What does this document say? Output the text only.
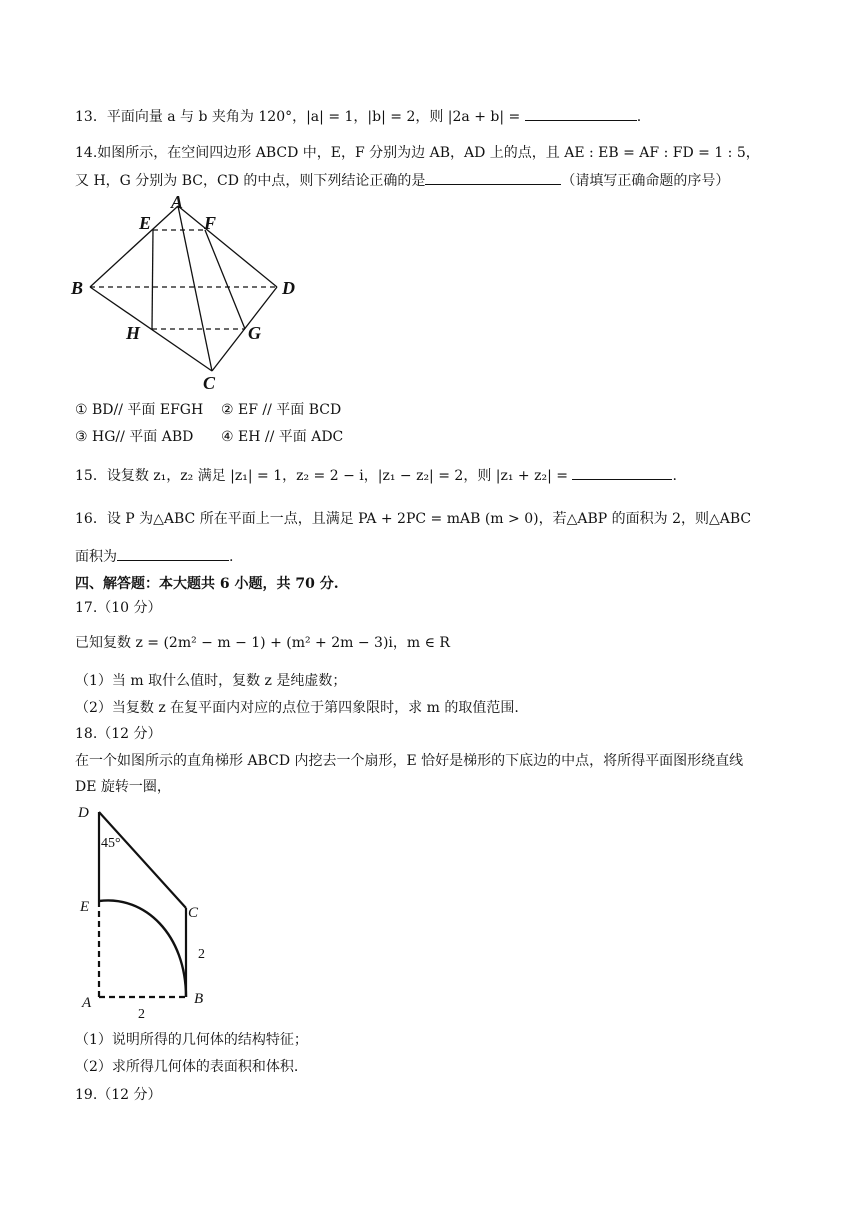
13．平面向量 a 与 b 夹角为 120°，|a| = 1，|b| = 2，则 |2a + b| =	.
14.如图所示，在空间四边形 ABCD 中，E，F 分别为边 AB，AD 上的点，且 AE : EB = AF : FD = 1 : 5，
又 H，G 分别为 BC，CD 的中点，则下列结论正确的是	（请填写正确命题的序号）
A
E	F
B	D
H	G
C
① BD// 平面 EFGH ② EF // 平面 BCD
③ HG// 平面 ABD ④ EH // 平面 ADC
15．设复数 z₁，z₂ 满足 |z₁| = 1，z₂ = 2 − i，|z₁ − z₂| = 2，则 |z₁ + z₂| =	.
16．设 P 为△ABC 所在平面上一点，且满足 PA + 2PC = mAB (m > 0)，若△ABP 的面积为 2，则△ABC
面积为	.
四、解答题：本大题共 6 小题，共 70 分.
17.（10 分）
已知复数 z = (2m² − m − 1) + (m² + 2m − 3)i，m ∈ R
（1）当 m 取什么值时，复数 z 是纯虚数；
（2）当复数 z 在复平面内对应的点位于第四象限时，求 m 的取值范围.
18.（12 分）
在一个如图所示的直角梯形 ABCD 内挖去一个扇形，E 恰好是梯形的下底边的中点，将所得平面图形绕直线
DE 旋转一圈，
D
E	C
A	B
45°
2
2
（1）说明所得的几何体的结构特征；
（2）求所得几何体的表面积和体积.
19.（12 分）
